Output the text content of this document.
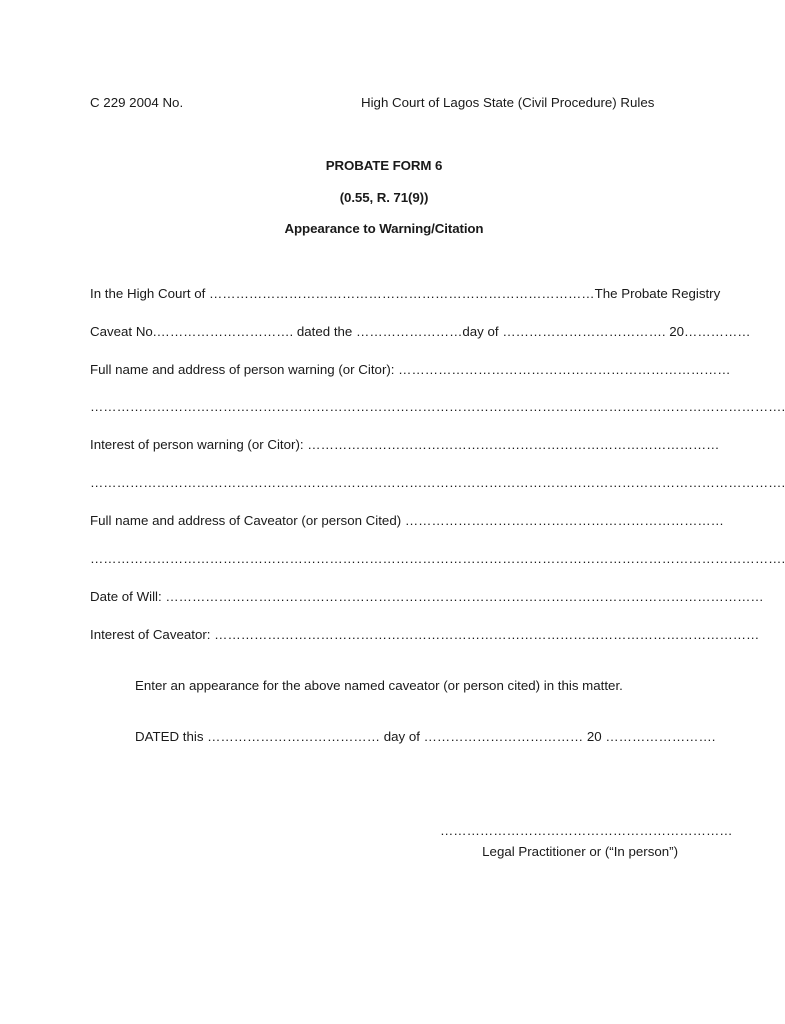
C 229 2004 No.	High Court of Lagos State (Civil Procedure) Rules
PROBATE FORM 6
(0.55, R. 71(9))
Appearance to Warning/Citation
In the High Court of …………………………………………………………………………… The Probate Registry
Caveat No.…………………………. dated the ……………………day of ………………………………. 20……………
Full name and address of person warning (or Citor): …………………………………………………………………
………………………………………………………………………………………………………………………………………….
Interest of person warning (or Citor): …………………………………………………………………………………
………………………………………………………………………………………………………………………………………….
Full name and address of Caveator (or person Cited) ………………………………………………………………
………………………………………………………………………………………………………………………………………….
Date of Will: ………………………………………………………………………………………………………………………
Interest of Caveator: ……………………………………………………………………………………………………………
Enter an appearance for the above named caveator (or person cited) in this matter.
DATED this ………………………………… day of ……………………………… 20 …………………….
…………………………………………………………
Legal Practitioner or (“In person”)
